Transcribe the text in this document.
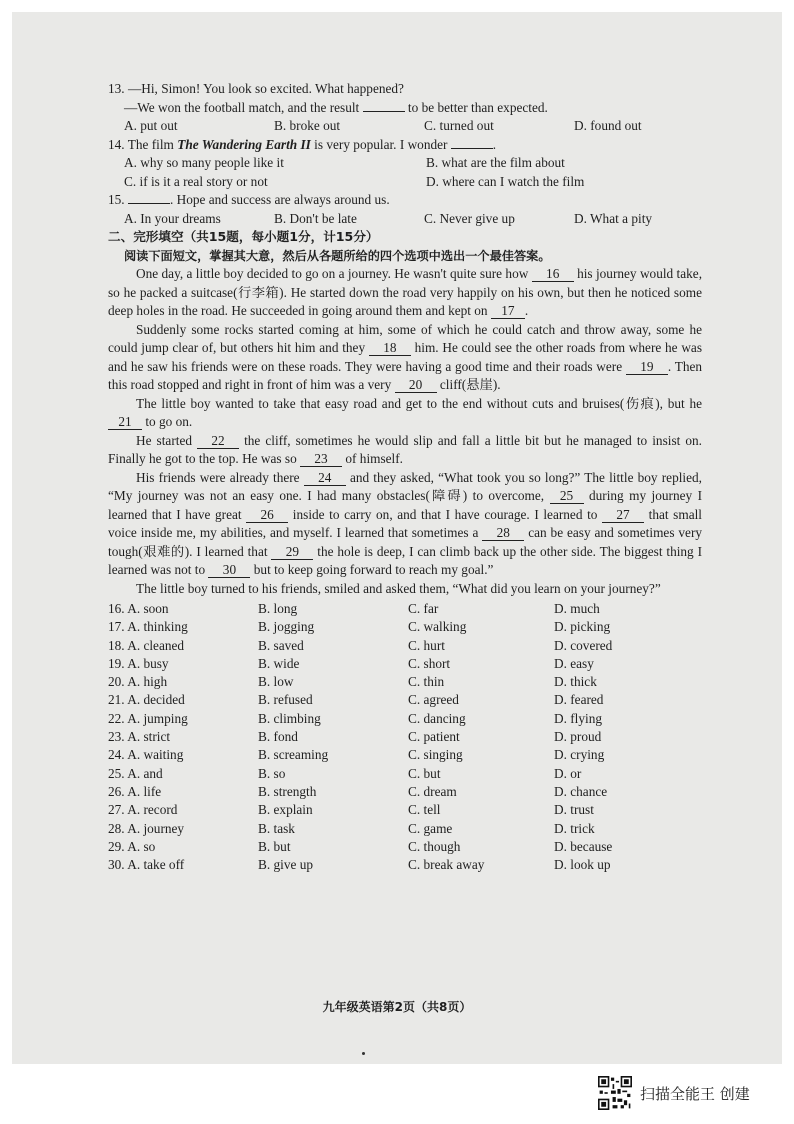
13. —Hi, Simon! You look so excited. What happened?
—We won the football match, and the result	to be better than expected.
A. put out	B. broke out	C. turned out	D. found out
14. The film The Wandering Earth II is very popular. I wonder	.
A. why so many people like it	B. what are the film about
C. if is it a real story or not	D. where can I watch the film
15.	. Hope and success are always around us.
A. In your dreams	B. Don't be late	C. Never give up	D. What a pity
二、完形填空（共15题，每小题1分，计15分）
阅读下面短文，掌握其大意，然后从各题所给的四个选项中选出一个最佳答案。

One day, a little boy decided to go on a journey. He wasn't quite sure how 16 his journey would take, so he packed a suitcase(行李箱). He started down the road very happily on his own, but then he noticed some deep holes in the road. He succeeded in going around them and kept on 17 .

Suddenly some rocks started coming at him, some of which he could catch and throw away, some he could jump clear of, but others hit him and they 18 him. He could see the other roads from where he was and he saw his friends were on these roads. They were having a good time and their roads were 19 . Then this road stopped and right in front of him was a very 20 cliff(悬崖).

The little boy wanted to take that easy road and get to the end without cuts and bruises(伤痕), but he 21 to go on.

He started 22 the cliff, sometimes he would slip and fall a little bit but he managed to insist on. Finally he got to the top. He was so 23 of himself.

His friends were already there 24 and they asked, “What took you so long?” The little boy replied, “My journey was not an easy one. I had many obstacles(障碍) to overcome, 25 during my journey I learned that I have great 26 inside to carry on, and that I have courage. I learned to 27 that small voice inside me, my abilities, and myself. I learned that sometimes a 28 can be easy and sometimes very tough(艰难的). I learned that 29 the hole is deep, I can climb back up the other side. The biggest thing I learned was not to 30 but to keep going forward to reach my goal.”

The little boy turned to his friends, smiled and asked them, “What did you learn on your journey?”

16. A. soon	B. long	C. far	D. much
17. A. thinking	B. jogging	C. walking	D. picking
18. A. cleaned	B. saved	C. hurt	D. covered
19. A. busy	B. wide	C. short	D. easy
20. A. high	B. low	C. thin	D. thick
21. A. decided	B. refused	C. agreed	D. feared
22. A. jumping	B. climbing	C. dancing	D. flying
23. A. strict	B. fond	C. patient	D. proud
24. A. waiting	B. screaming	C. singing	D. crying
25. A. and	B. so	C. but	D. or
26. A. life	B. strength	C. dream	D. chance
27. A. record	B. explain	C. tell	D. trust
28. A. journey	B. task	C. game	D. trick
29. A. so	B. but	C. though	D. because
30. A. take off	B. give up	C. break away	D. look up
九年级英语第2页（共8页）
扫描全能王 创建
